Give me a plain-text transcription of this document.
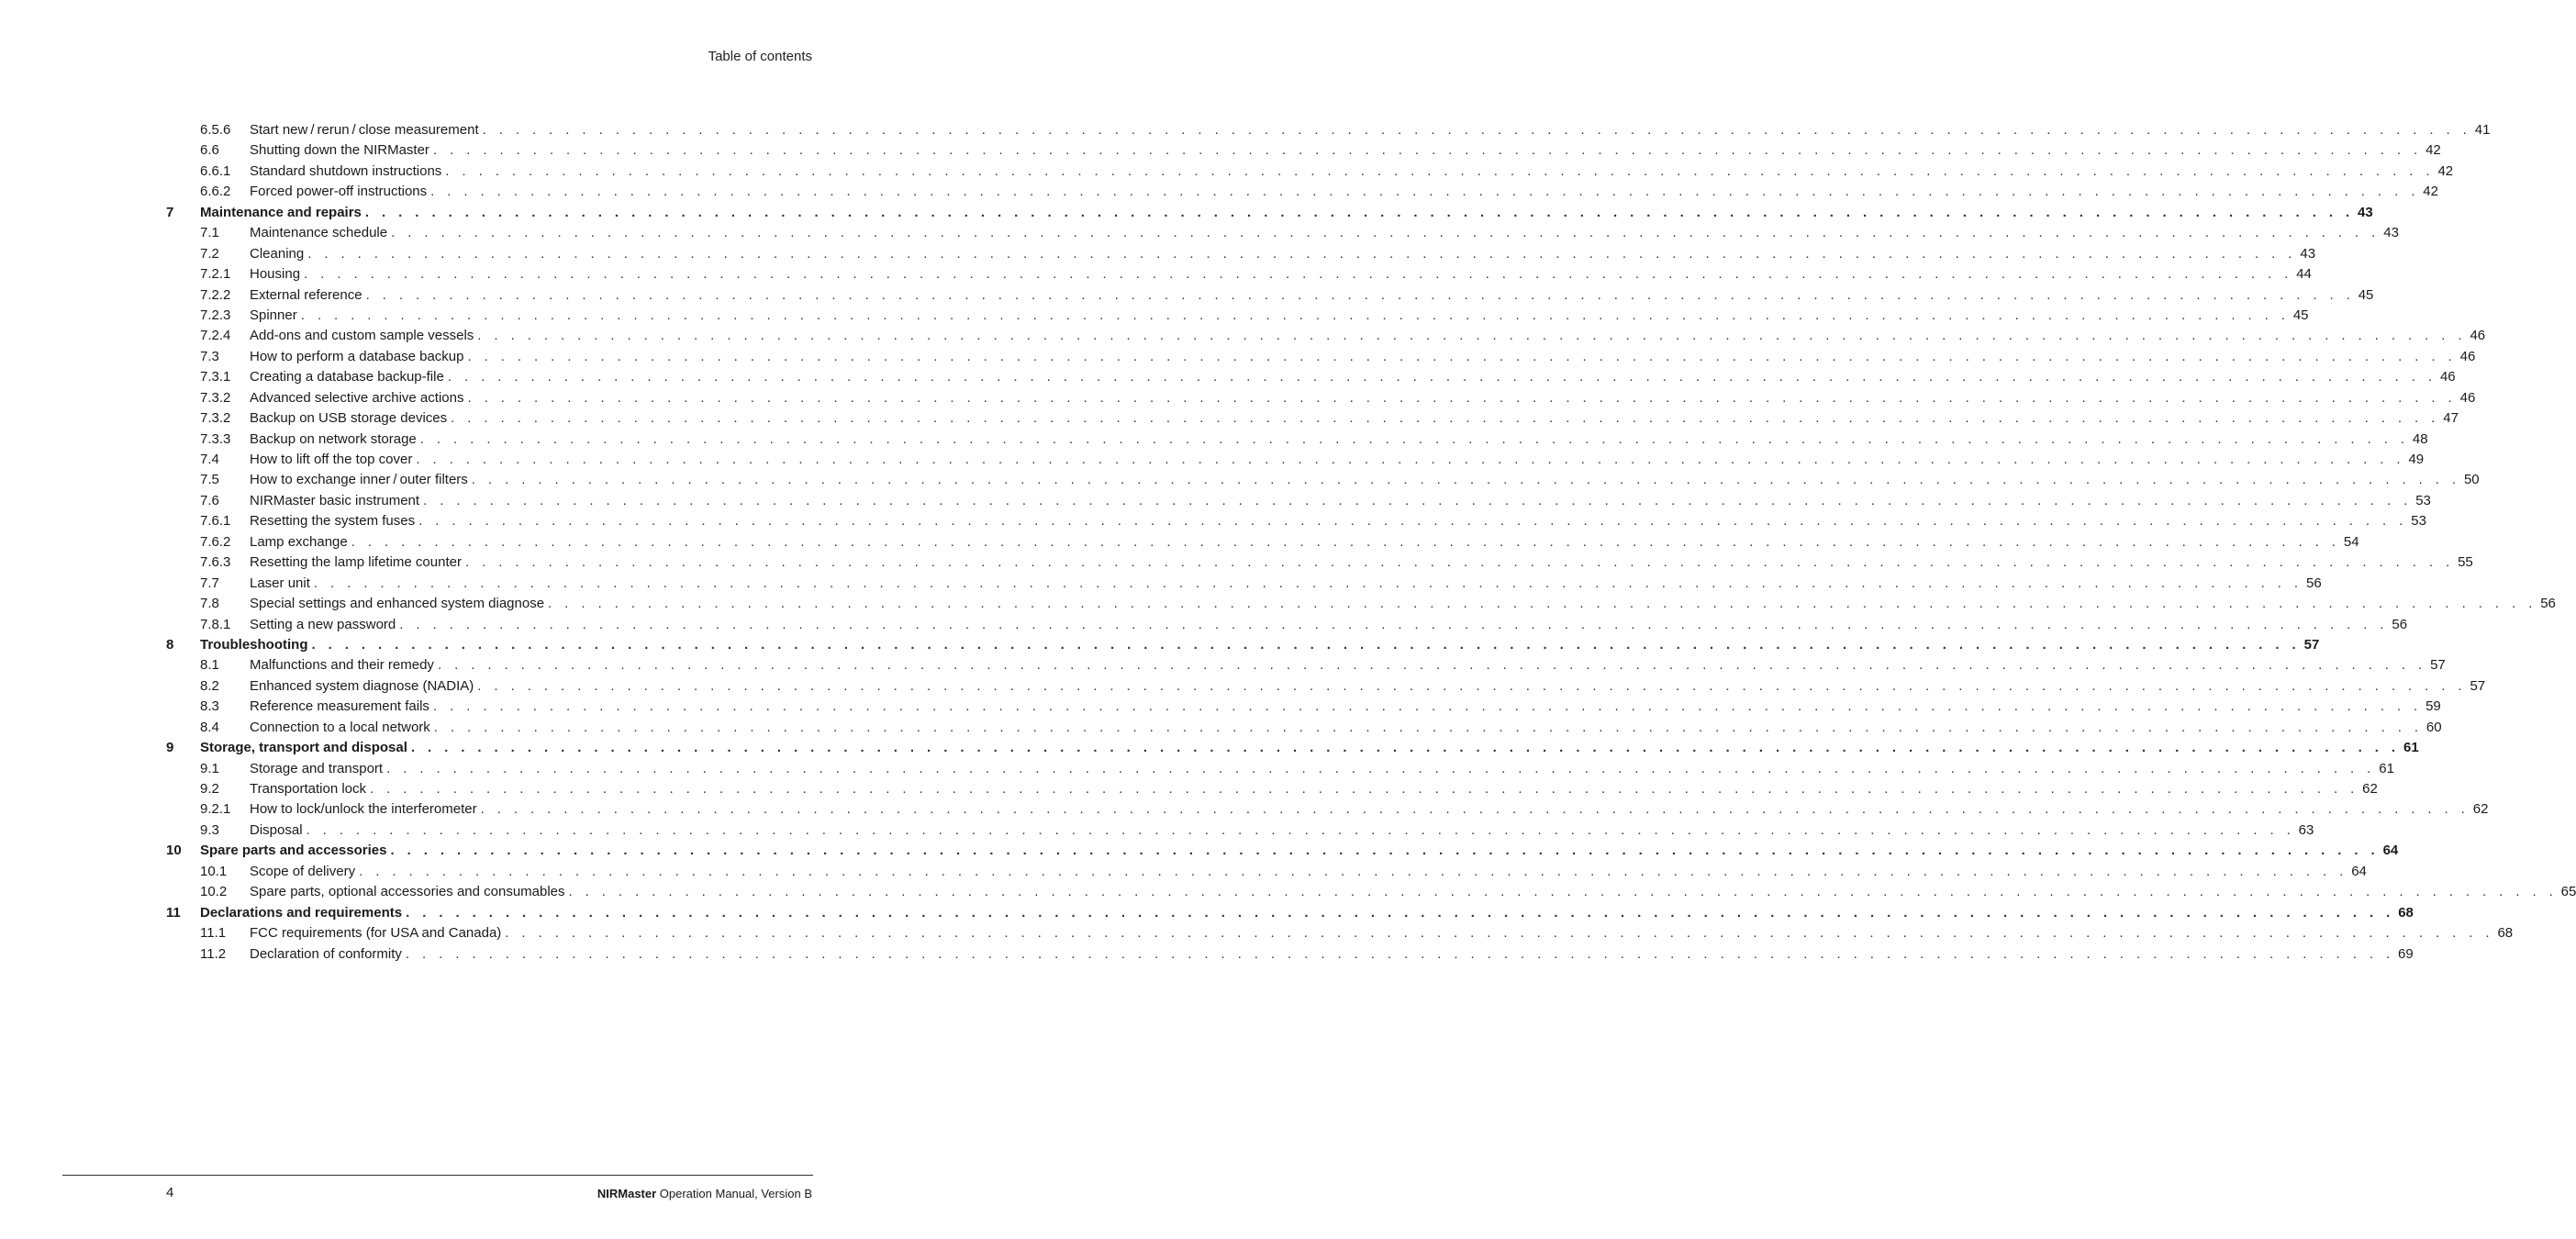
Table of contents
6.5.6 Start new / rerun / close measurement . . . . . . . . . . . . . . . . . . . . . . . . . . . . . . . . . . . . . . . . . . . . . . . . . . . . . . . . . . . . . . . . . . . . . . . . . . . . . . . . . . . . . . . . . . . . . . . . . . . . . . . . . . . . . . . . . . . . . . . . 41
6.6 Shutting down the NIRMaster . . . . . . . . . . . . . . . . . . . . . . . . . . . . . . . . . . . . . . . . . . . . . . . . . . . . . . . . . . . . . . . . . . . . . . . . . . . . . . . . . . . . . . . . . . . . . . . . . . . . . . . . . . . . . . . . . . . . . . . . 42
6.6.1 Standard shutdown instructions . . . . . . . . . . . . . . . . . . . . . . . . . . . . . . . . . . . . . . . . . . . . . . . . . . . . . . . . . . . . . . . . . . . . . . . . . . . . . . . . . . . . . . . . . . . . . . . . . . . . . . . . . . . . . . . . . . . . . . . . 42
6.6.2 Forced power-off instructions . . . . . . . . . . . . . . . . . . . . . . . . . . . . . . . . . . . . . . . . . . . . . . . . . . . . . . . . . . . . . . . . . . . . . . . . . . . . . . . . . . . . . . . . . . . . . . . . . . . . . . . . . . . . . . . . . . . . . . . . 42
7 Maintenance and repairs . . . . . . . . . . . . . . . . . . . . . . . . . . . . . . . . . . . . . . . . . . . . . . . . . . . . . . . . . . . . . . . . . . . . . . . . . . . . . . . . . . . . . . . . . . . . . . . . . . . . . . . . . . . . . . . . . . . . . . . . 43
7.1 Maintenance schedule . . . . . . . . . . . . . . . . . . . . . . . . . . . . . . . . . . . . . . . . . . . . . . . . . . . . . . . . . . . . . . . . . . . . . . . . . . . . . . . . . . . . . . . . . . . . . . . . . . . . . . . . . . . . . . . . . . . . . . . . 43
7.2 Cleaning . . . . . . . . . . . . . . . . . . . . . . . . . . . . . . . . . . . . . . . . . . . . . . . . . . . . . . . . . . . . . . . . . . . . . . . . . . . . . . . . . . . . . . . . . . . . . . . . . . . . . . . . . . . . . . . . . . . . . . . . 43
7.2.1 Housing . . . . . . . . . . . . . . . . . . . . . . . . . . . . . . . . . . . . . . . . . . . . . . . . . . . . . . . . . . . . . . . . . . . . . . . . . . . . . . . . . . . . . . . . . . . . . . . . . . . . . . . . . . . . . . . . . . . . . . . . 44
7.2.2 External reference . . . . . . . . . . . . . . . . . . . . . . . . . . . . . . . . . . . . . . . . . . . . . . . . . . . . . . . . . . . . . . . . . . . . . . . . . . . . . . . . . . . . . . . . . . . . . . . . . . . . . . . . . . . . . . . . . . . . . . . . 45
7.2.3 Spinner . . . . . . . . . . . . . . . . . . . . . . . . . . . . . . . . . . . . . . . . . . . . . . . . . . . . . . . . . . . . . . . . . . . . . . . . . . . . . . . . . . . . . . . . . . . . . . . . . . . . . . . . . . . . . . . . . . . . . . . . 45
7.2.4 Add-ons and custom sample vessels . . . . . . . . . . . . . . . . . . . . . . . . . . . . . . . . . . . . . . . . . . . . . . . . . . . . . . . . . . . . . . . . . . . . . . . . . . . . . . . . . . . . . . . . . . . . . . . . . . . . . . . . . . . . . . . . . . . . . . . . 46
7.3 How to perform a database backup . . . . . . . . . . . . . . . . . . . . . . . . . . . . . . . . . . . . . . . . . . . . . . . . . . . . . . . . . . . . . . . . . . . . . . . . . . . . . . . . . . . . . . . . . . . . . . . . . . . . . . . . . . . . . . . . . . . . . . . . 46
7.3.1 Creating a database backup-file . . . . . . . . . . . . . . . . . . . . . . . . . . . . . . . . . . . . . . . . . . . . . . . . . . . . . . . . . . . . . . . . . . . . . . . . . . . . . . . . . . . . . . . . . . . . . . . . . . . . . . . . . . . . . . . . . . . . . . . . 46
7.3.2 Advanced selective archive actions . . . . . . . . . . . . . . . . . . . . . . . . . . . . . . . . . . . . . . . . . . . . . . . . . . . . . . . . . . . . . . . . . . . . . . . . . . . . . . . . . . . . . . . . . . . . . . . . . . . . . . . . . . . . . . . . . . . . . . . . 46
7.3.2 Backup on USB storage devices . . . . . . . . . . . . . . . . . . . . . . . . . . . . . . . . . . . . . . . . . . . . . . . . . . . . . . . . . . . . . . . . . . . . . . . . . . . . . . . . . . . . . . . . . . . . . . . . . . . . . . . . . . . . . . . . . . . . . . . . 47
7.3.3 Backup on network storage . . . . . . . . . . . . . . . . . . . . . . . . . . . . . . . . . . . . . . . . . . . . . . . . . . . . . . . . . . . . . . . . . . . . . . . . . . . . . . . . . . . . . . . . . . . . . . . . . . . . . . . . . . . . . . . . . . . . . . . . 48
7.4 How to lift off the top cover . . . . . . . . . . . . . . . . . . . . . . . . . . . . . . . . . . . . . . . . . . . . . . . . . . . . . . . . . . . . . . . . . . . . . . . . . . . . . . . . . . . . . . . . . . . . . . . . . . . . . . . . . . . . . . . . . . . . . . . . 49
7.5 How to exchange inner / outer filters . . . . . . . . . . . . . . . . . . . . . . . . . . . . . . . . . . . . . . . . . . . . . . . . . . . . . . . . . . . . . . . . . . . . . . . . . . . . . . . . . . . . . . . . . . . . . . . . . . . . . . . . . . . . . . . . . . . . . . . . 50
7.6 NIRMaster basic instrument . . . . . . . . . . . . . . . . . . . . . . . . . . . . . . . . . . . . . . . . . . . . . . . . . . . . . . . . . . . . . . . . . . . . . . . . . . . . . . . . . . . . . . . . . . . . . . . . . . . . . . . . . . . . . . . . . . . . . . . . 53
7.6.1 Resetting the system fuses . . . . . . . . . . . . . . . . . . . . . . . . . . . . . . . . . . . . . . . . . . . . . . . . . . . . . . . . . . . . . . . . . . . . . . . . . . . . . . . . . . . . . . . . . . . . . . . . . . . . . . . . . . . . . . . . . . . . . . . . 53
7.6.2 Lamp exchange . . . . . . . . . . . . . . . . . . . . . . . . . . . . . . . . . . . . . . . . . . . . . . . . . . . . . . . . . . . . . . . . . . . . . . . . . . . . . . . . . . . . . . . . . . . . . . . . . . . . . . . . . . . . . . . . . . . . . . . . 54
7.6.3 Resetting the lamp lifetime counter . . . . . . . . . . . . . . . . . . . . . . . . . . . . . . . . . . . . . . . . . . . . . . . . . . . . . . . . . . . . . . . . . . . . . . . . . . . . . . . . . . . . . . . . . . . . . . . . . . . . . . . . . . . . . . . . . . . . . . . . 55
7.7 Laser unit . . . . . . . . . . . . . . . . . . . . . . . . . . . . . . . . . . . . . . . . . . . . . . . . . . . . . . . . . . . . . . . . . . . . . . . . . . . . . . . . . . . . . . . . . . . . . . . . . . . . . . . . . . . . . . . . . . . . . . . . 56
7.8 Special settings and enhanced system diagnose . . . . . . . . . . . . . . . . . . . . . . . . . . . . . . . . . . . . . . . . . . . . . . . . . . . . . . . . . . . . . . . . . . . . . . . . . . . . . . . . . . . . . . . . . . . . . . . . . . . . . . . . . . . . . . . . . . . . . . . . 56
7.8.1 Setting a new password . . . . . . . . . . . . . . . . . . . . . . . . . . . . . . . . . . . . . . . . . . . . . . . . . . . . . . . . . . . . . . . . . . . . . . . . . . . . . . . . . . . . . . . . . . . . . . . . . . . . . . . . . . . . . . . . . . . . . . . . 56
8 Troubleshooting . . . . . . . . . . . . . . . . . . . . . . . . . . . . . . . . . . . . . . . . . . . . . . . . . . . . . . . . . . . . . . . . . . . . . . . . . . . . . . . . . . . . . . . . . . . . . . . . . . . . . . . . . . . . . . . . . . . . . . . . 57
8.1 Malfunctions and their remedy . . . . . . . . . . . . . . . . . . . . . . . . . . . . . . . . . . . . . . . . . . . . . . . . . . . . . . . . . . . . . . . . . . . . . . . . . . . . . . . . . . . . . . . . . . . . . . . . . . . . . . . . . . . . . . . . . . . . . . . . 57
8.2 Enhanced system diagnose (NADIA) . . . . . . . . . . . . . . . . . . . . . . . . . . . . . . . . . . . . . . . . . . . . . . . . . . . . . . . . . . . . . . . . . . . . . . . . . . . . . . . . . . . . . . . . . . . . . . . . . . . . . . . . . . . . . . . . . . . . . . . . 57
8.3 Reference measurement fails . . . . . . . . . . . . . . . . . . . . . . . . . . . . . . . . . . . . . . . . . . . . . . . . . . . . . . . . . . . . . . . . . . . . . . . . . . . . . . . . . . . . . . . . . . . . . . . . . . . . . . . . . . . . . . . . . . . . . . . . 59
8.4 Connection to a local network . . . . . . . . . . . . . . . . . . . . . . . . . . . . . . . . . . . . . . . . . . . . . . . . . . . . . . . . . . . . . . . . . . . . . . . . . . . . . . . . . . . . . . . . . . . . . . . . . . . . . . . . . . . . . . . . . . . . . . . . 60
9 Storage, transport and disposal . . . . . . . . . . . . . . . . . . . . . . . . . . . . . . . . . . . . . . . . . . . . . . . . . . . . . . . . . . . . . . . . . . . . . . . . . . . . . . . . . . . . . . . . . . . . . . . . . . . . . . . . . . . . . . . . . . . . . . . . 61
9.1 Storage and transport . . . . . . . . . . . . . . . . . . . . . . . . . . . . . . . . . . . . . . . . . . . . . . . . . . . . . . . . . . . . . . . . . . . . . . . . . . . . . . . . . . . . . . . . . . . . . . . . . . . . . . . . . . . . . . . . . . . . . . . . 61
9.2 Transportation lock . . . . . . . . . . . . . . . . . . . . . . . . . . . . . . . . . . . . . . . . . . . . . . . . . . . . . . . . . . . . . . . . . . . . . . . . . . . . . . . . . . . . . . . . . . . . . . . . . . . . . . . . . . . . . . . . . . . . . . . . 62
9.2.1 How to lock/unlock the interferometer . . . . . . . . . . . . . . . . . . . . . . . . . . . . . . . . . . . . . . . . . . . . . . . . . . . . . . . . . . . . . . . . . . . . . . . . . . . . . . . . . . . . . . . . . . . . . . . . . . . . . . . . . . . . . . . . . . . . . . . . 62
9.3 Disposal . . . . . . . . . . . . . . . . . . . . . . . . . . . . . . . . . . . . . . . . . . . . . . . . . . . . . . . . . . . . . . . . . . . . . . . . . . . . . . . . . . . . . . . . . . . . . . . . . . . . . . . . . . . . . . . . . . . . . . . . 63
10 Spare parts and accessories . . . . . . . . . . . . . . . . . . . . . . . . . . . . . . . . . . . . . . . . . . . . . . . . . . . . . . . . . . . . . . . . . . . . . . . . . . . . . . . . . . . . . . . . . . . . . . . . . . . . . . . . . . . . . . . . . . . . . . . . 64
10.1 Scope of delivery . . . . . . . . . . . . . . . . . . . . . . . . . . . . . . . . . . . . . . . . . . . . . . . . . . . . . . . . . . . . . . . . . . . . . . . . . . . . . . . . . . . . . . . . . . . . . . . . . . . . . . . . . . . . . . . . . . . . . . . . 64
10.2 Spare parts, optional accessories and consumables . . . . . . . . . . . . . . . . . . . . . . . . . . . . . . . . . . . . . . . . . . . . . . . . . . . . . . . . . . . . . . . . . . . . . . . . . . . . . . . . . . . . . . . . . . . . . . . . . . . . . . . . . . . . . . . . . . . . . . . . 65
11 Declarations and requirements . . . . . . . . . . . . . . . . . . . . . . . . . . . . . . . . . . . . . . . . . . . . . . . . . . . . . . . . . . . . . . . . . . . . . . . . . . . . . . . . . . . . . . . . . . . . . . . . . . . . . . . . . . . . . . . . . . . . . . . . 68
11.1 FCC requirements (for USA and Canada) . . . . . . . . . . . . . . . . . . . . . . . . . . . . . . . . . . . . . . . . . . . . . . . . . . . . . . . . . . . . . . . . . . . . . . . . . . . . . . . . . . . . . . . . . . . . . . . . . . . . . . . . . . . . . . . . . . . . . . . . 68
11.2 Declaration of conformity . . . . . . . . . . . . . . . . . . . . . . . . . . . . . . . . . . . . . . . . . . . . . . . . . . . . . . . . . . . . . . . . . . . . . . . . . . . . . . . . . . . . . . . . . . . . . . . . . . . . . . . . . . . . . . . . . . . . . . . . 69
4	NIRMaster Operation Manual, Version B
